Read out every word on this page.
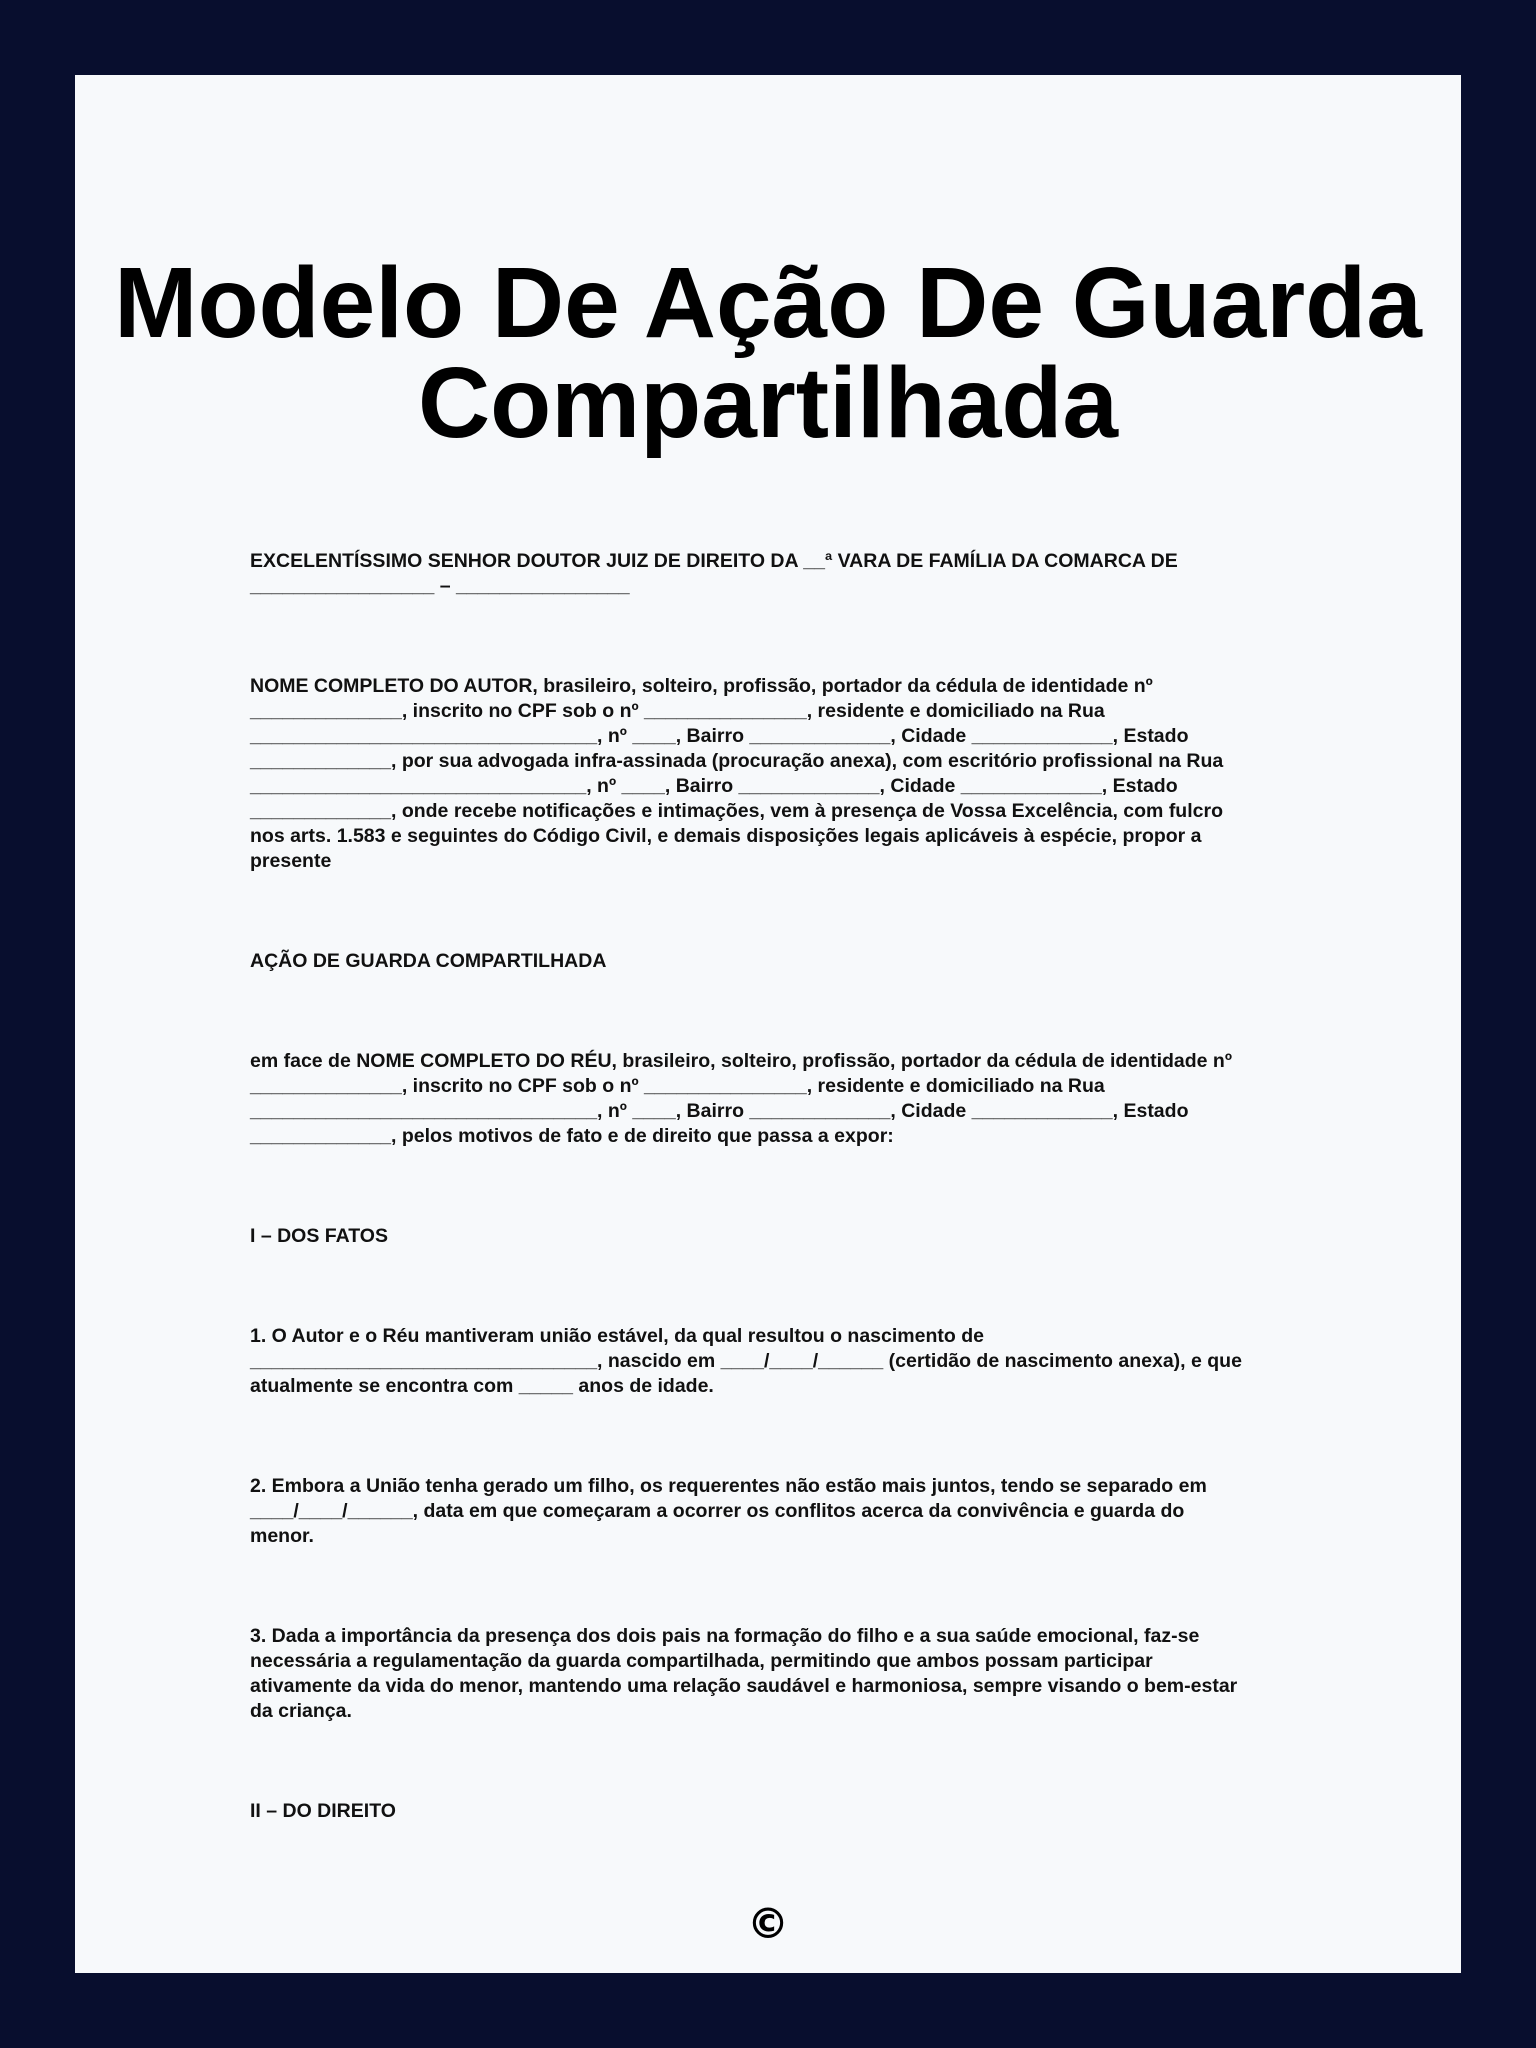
Modelo De Ação De Guarda Compartilhada

EXCELENTÍSSIMO SENHOR DOUTOR JUIZ DE DIREITO DA __ª VARA DE FAMÍLIA DA COMARCA DE
_________________ – ________________

NOME COMPLETO DO AUTOR, brasileiro, solteiro, profissão, portador da cédula de identidade nº
______________, inscrito no CPF sob o nº _______________, residente e domiciliado na Rua
________________________________, nº ____, Bairro _____________, Cidade _____________, Estado
_____________, por sua advogada infra-assinada (procuração anexa), com escritório profissional na Rua
_______________________________, nº ____, Bairro _____________, Cidade _____________, Estado
_____________, onde recebe notificações e intimações, vem à presença de Vossa Excelência, com fulcro
nos arts. 1.583 e seguintes do Código Civil, e demais disposições legais aplicáveis à espécie, propor a
presente

AÇÃO DE GUARDA COMPARTILHADA

em face de NOME COMPLETO DO RÉU, brasileiro, solteiro, profissão, portador da cédula de identidade nº
______________, inscrito no CPF sob o nº _______________, residente e domiciliado na Rua
________________________________, nº ____, Bairro _____________, Cidade _____________, Estado
_____________, pelos motivos de fato e de direito que passa a expor:

I – DOS FATOS

1. O Autor e o Réu mantiveram união estável, da qual resultou o nascimento de
________________________________, nascido em ____/____/______ (certidão de nascimento anexa), e que
atualmente se encontra com _____ anos de idade.

2. Embora a União tenha gerado um filho, os requerentes não estão mais juntos, tendo se separado em
____/____/______, data em que começaram a ocorrer os conflitos acerca da convivência e guarda do
menor.

3. Dada a importância da presença dos dois pais na formação do filho e a sua saúde emocional, faz-se
necessária a regulamentação da guarda compartilhada, permitindo que ambos possam participar
ativamente da vida do menor, mantendo uma relação saudável e harmoniosa, sempre visando o bem-estar
da criança.

II – DO DIREITO

©
